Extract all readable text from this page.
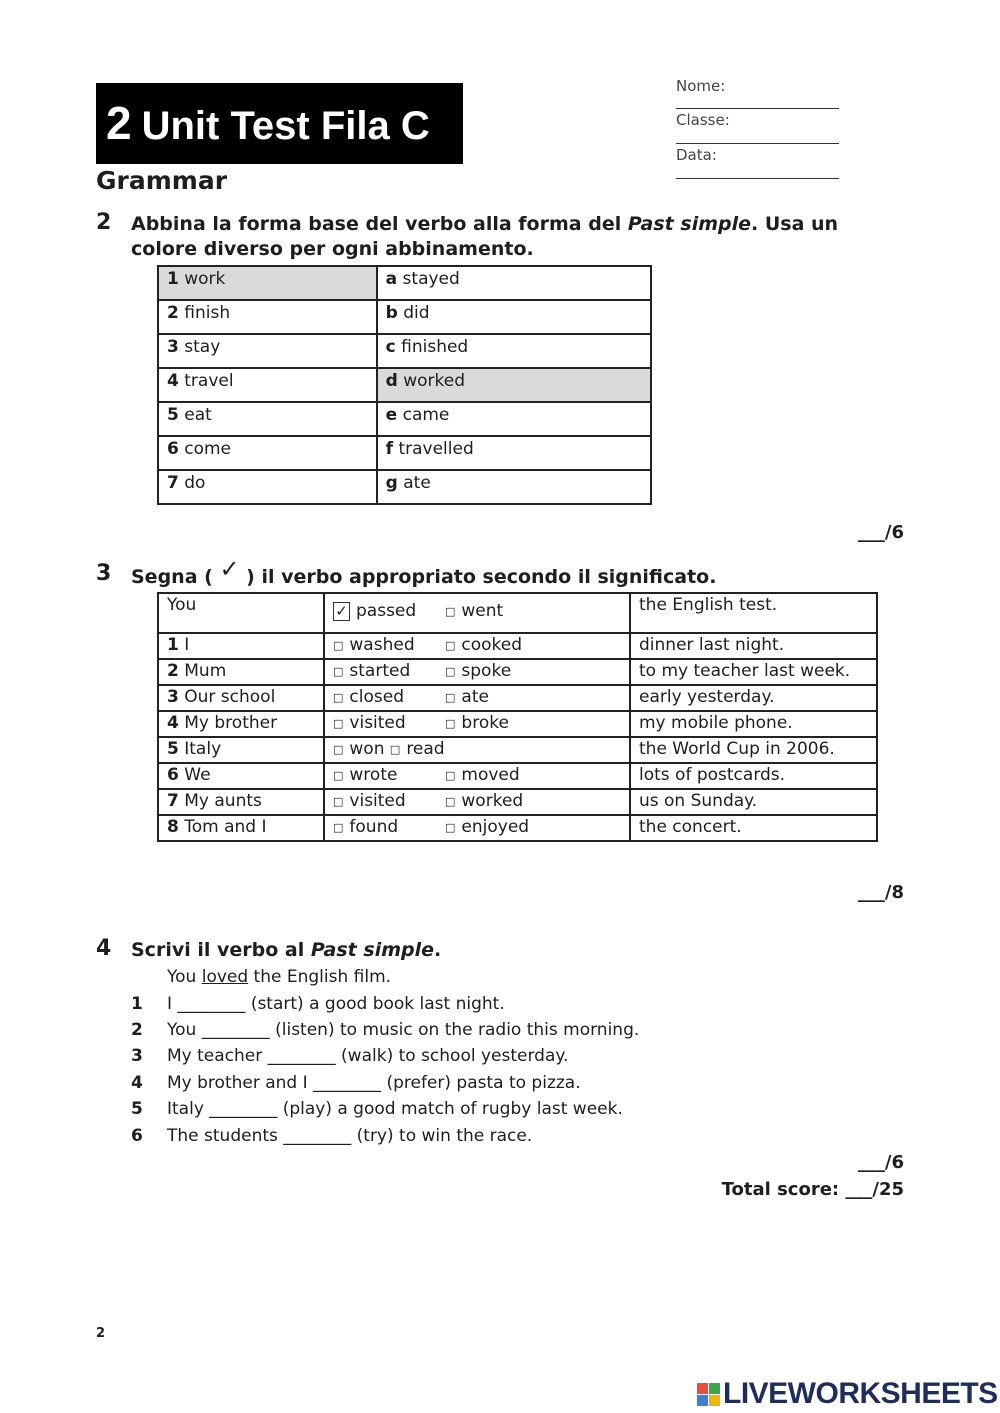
2 Unit Test Fila C
Grammar
Nome:
Classe:
Data:
2 Abbina la forma base del verbo alla forma del Past simple. Usa un
colore diverso per ogni abbinamento.
1 work	a stayed
2 finish	b did
3 stay	c finished
4 travel	d worked
5 eat	e came
6 come	f travelled
7 do	g ate
___/6
3 Segna ( ✓ ) il verbo appropriato secondo il significato.
You	✓ passed □ went	the English test.
1 I	□ washed □ cooked	dinner last night.
2 Mum	□ started □ spoke	to my teacher last week.
3 Our school	□ closed □ ate	early yesterday.
4 My brother	□ visited □ broke	my mobile phone.
5 Italy	□ won □ read	the World Cup in 2006.
6 We	□ wrote □ moved	lots of postcards.
7 My aunts	□ visited □ worked	us on Sunday.
8 Tom and I	□ found □ enjoyed	the concert.
___/8
4 Scrivi il verbo al Past simple.
You loved the English film.
1 I ________ (start) a good book last night.
2 You ________ (listen) to music on the radio this morning.
3 My teacher ________ (walk) to school yesterday.
4 My brother and I ________ (prefer) pasta to pizza.
5 Italy ________ (play) a good match of rugby last week.
6 The students ________ (try) to win the race.
___/6
Total score: ___/25
2
LIVEWORKSHEETS
